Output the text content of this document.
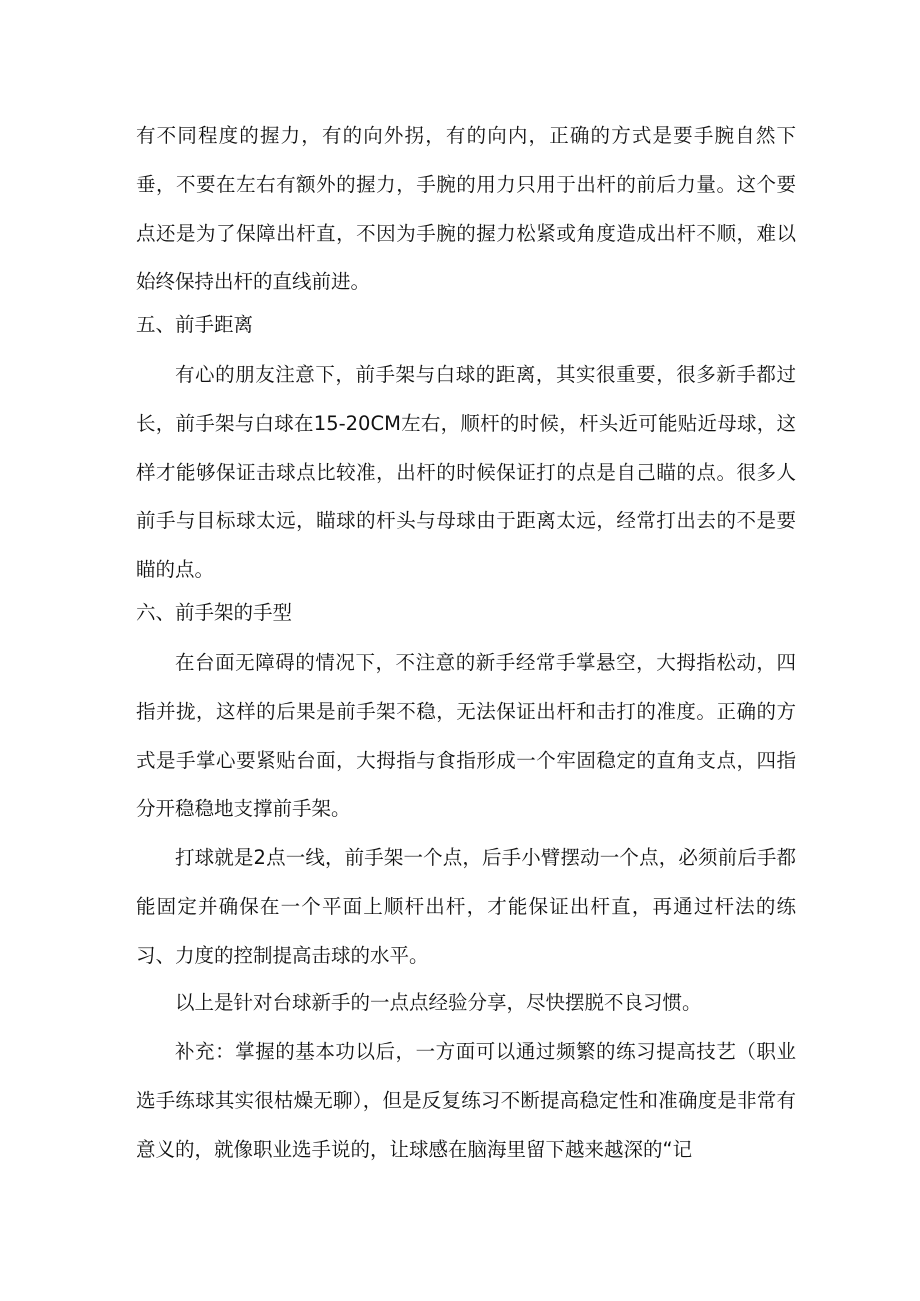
有不同程度的握力，有的向外拐，有的向内，正确的方式是要手腕自然下垂，不要在左右有额外的握力，手腕的用力只用于出杆的前后力量。这个要点还是为了保障出杆直，不因为手腕的握力松紧或角度造成出杆不顺，难以始终保持出杆的直线前进。

五、前手距离

有心的朋友注意下，前手架与白球的距离，其实很重要，很多新手都过长，前手架与白球在15-20CM左右，顺杆的时候，杆头近可能贴近母球，这样才能够保证击球点比较准，出杆的时候保证打的点是自己瞄的点。很多人前手与目标球太远，瞄球的杆头与母球由于距离太远，经常打出去的不是要瞄的点。

六、前手架的手型

在台面无障碍的情况下，不注意的新手经常手掌悬空，大拇指松动，四指并拢，这样的后果是前手架不稳，无法保证出杆和击打的准度。正确的方式是手掌心要紧贴台面，大拇指与食指形成一个牢固稳定的直角支点，四指分开稳稳地支撑前手架。

打球就是2点一线，前手架一个点，后手小臂摆动一个点，必须前后手都能固定并确保在一个平面上顺杆出杆，才能保证出杆直，再通过杆法的练习、力度的控制提高击球的水平。

以上是针对台球新手的一点点经验分享，尽快摆脱不良习惯。

补充：掌握的基本功以后，一方面可以通过频繁的练习提高技艺（职业选手练球其实很枯燥无聊），但是反复练习不断提高稳定性和准确度是非常有意义的，就像职业选手说的，让球感在脑海里留下越来越深的“记
